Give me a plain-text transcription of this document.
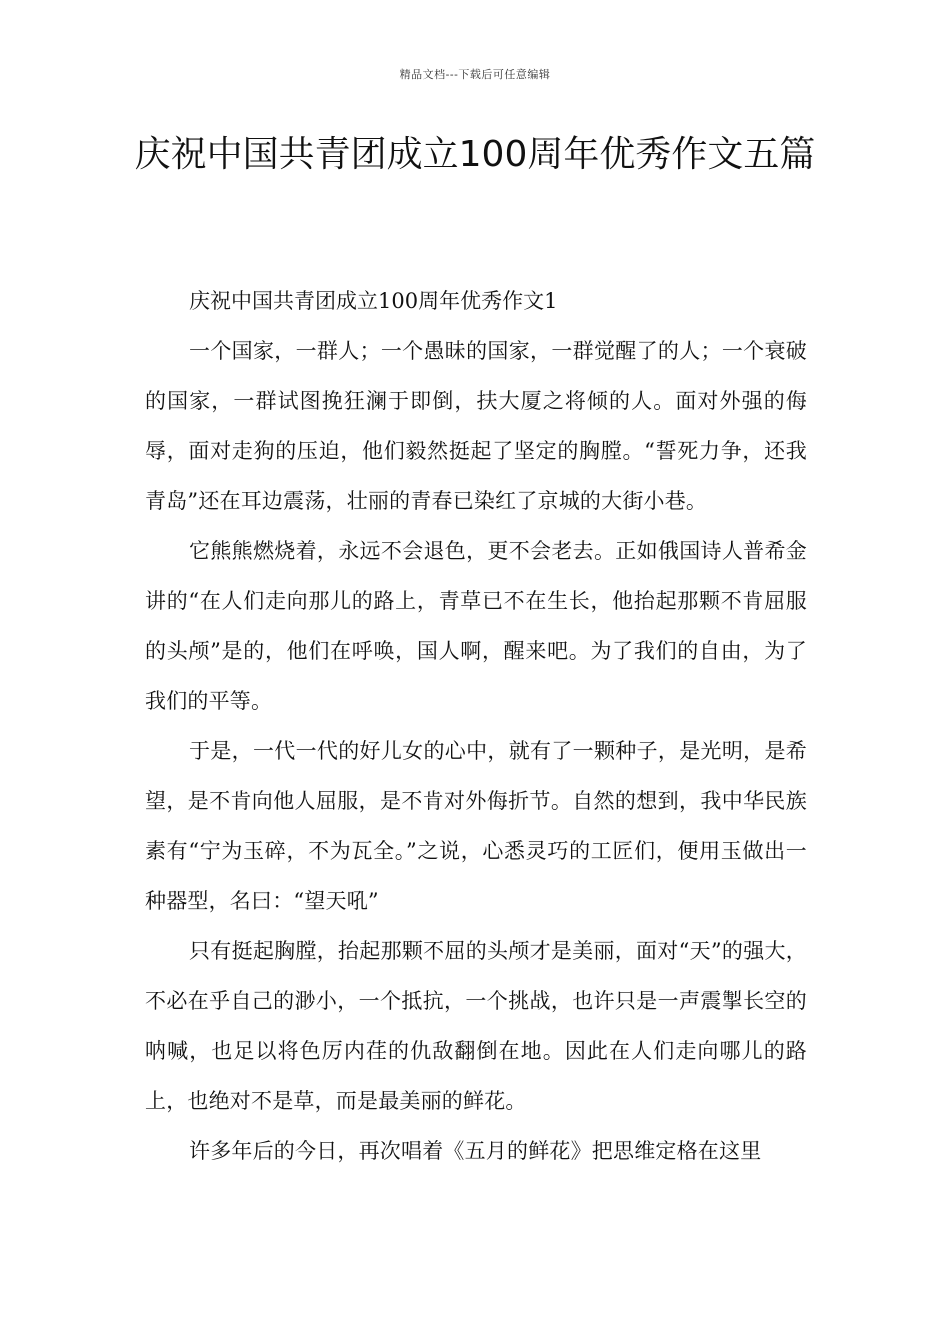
精品文档---下载后可任意编辑
庆祝中国共青团成立100周年优秀作文五篇

庆祝中国共青团成立100周年优秀作文1

一个国家，一群人；一个愚昧的国家，一群觉醒了的人；一个衰破的国家，一群试图挽狂澜于即倒，扶大厦之将倾的人。面对外强的侮辱，面对走狗的压迫，他们毅然挺起了坚定的胸膛。“誓死力争，还我青岛”还在耳边震荡，壮丽的青春已染红了京城的大街小巷。

它熊熊燃烧着，永远不会退色，更不会老去。正如俄国诗人普希金讲的“在人们走向那儿的路上，青草已不在生长，他抬起那颗不肯屈服的头颅”是的，他们在呼唤，国人啊，醒来吧。为了我们的自由，为了我们的平等。

于是，一代一代的好儿女的心中，就有了一颗种子，是光明，是希望，是不肯向他人屈服，是不肯对外侮折节。自然的想到，我中华民族素有“宁为玉碎，不为瓦全。”之说，心悉灵巧的工匠们，便用玉做出一种器型，名曰：“望天吼”

只有挺起胸膛，抬起那颗不屈的头颅才是美丽，面对“天”的强大，不必在乎自己的渺小，一个抵抗，一个挑战，也许只是一声震掣长空的呐喊，也足以将色厉内荏的仇敌翻倒在地。因此在人们走向哪儿的路上，也绝对不是草，而是最美丽的鲜花。

许多年后的今日，再次唱着《五月的鲜花》把思维定格在这里
